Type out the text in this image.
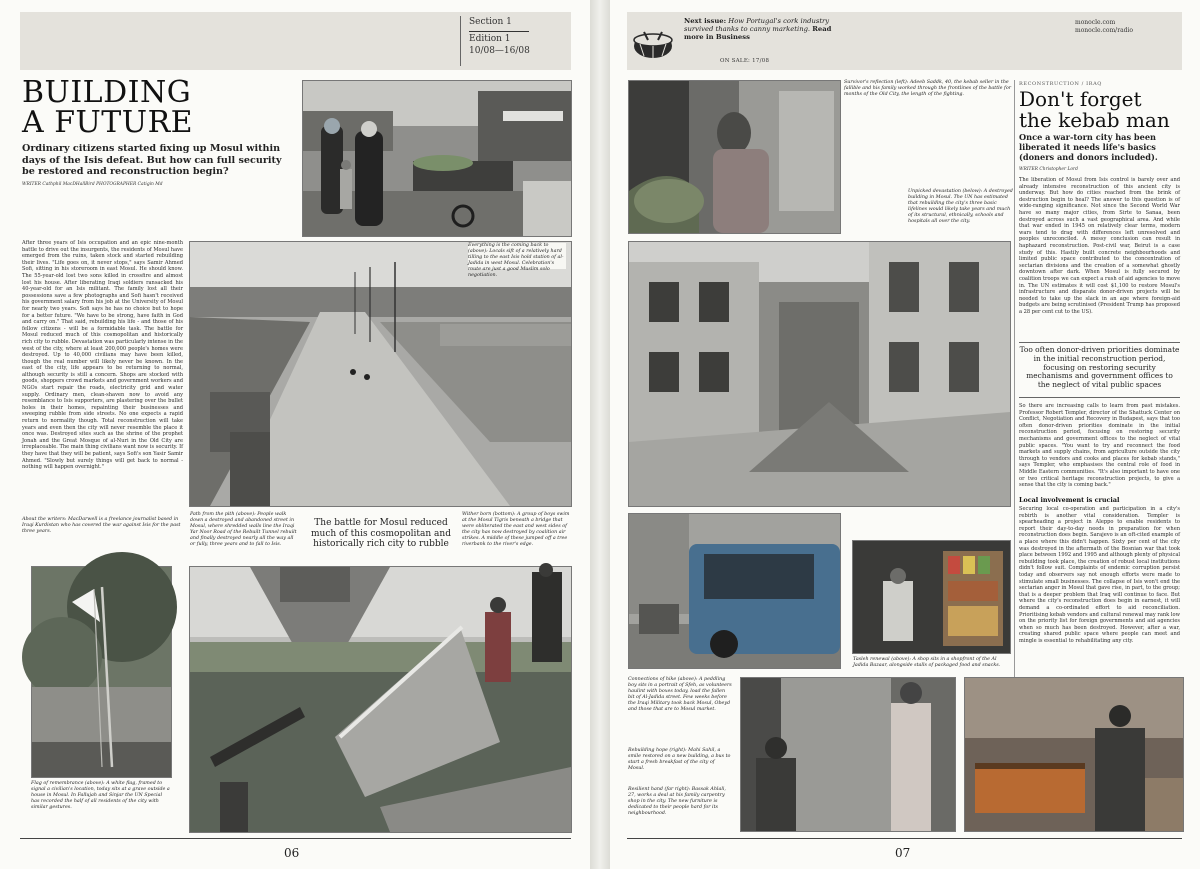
Section 1
Edition 1
10/08—16/08
BUILDING
A FUTURE
Ordinary citizens started fixing up Mosul within days of the Isis defeat. But how can full security be restored and reconstruction begin?
WRITER Cathphil MacDHallBird PHOTOGRAPHER Catigin Md
After three years of Isis occupation and an epic nine-month battle to drive out the insurgents, the residents of Mosul have emerged from the ruins, taken stock and started rebuilding their lives. "Life goes on, it never stops," says Samir Ahmed Sofi, sitting in his storeroom in east Mosul. He should know. The 55-year-old lost two sons killed in crossfire and almost lost his house. After liberating Iraqi soldiers ransacked his 40-year-old for an Isis militant. The family lost all their possessions save a few photographs and Sofi hasn't received his government salary from his job at the University of Mosul for nearly two years. Sofi says he has no choice but to hope for a better future. "We have to be strong, have faith in God and carry on." That said, rebuilding his life - and those of his fellow citizens - will be a formidable task. The battle for Mosul reduced much of this cosmopolitan and historically rich city to rubble. Devastation was particularly intense in the west of the city, where at least 200,000 people's homes were destroyed. Up to 40,000 civilians may have been killed, though the real number will likely never be known. In the east of the city, life appears to be returning to normal, although security is still a concern. Shops are stocked with goods, shoppers crowd markets and government workers and NGOs start repair the roads, electricity grid and water supply. Ordinary men, clean-shaven now to avoid any resemblance to Isis supporters, are plastering over the bullet holes in their homes, repainting their businesses and sweeping rubble from side streets. No one expects a rapid return to normality though. Total reconstruction will take years and even then the city will never resemble the place it once was. Destroyed sites such as the shrine of the prophet Jonah and the Great Mosque of al-Nuri in the Old City are irreplaceable. The main thing civilians want now is security. If they have that they will be patient, says Sofi's son Yasir Samir Ahmed. "Slowly but surely things will get back to normal - nothing will happen overnight."
About the writers: MacDarwell is a freelance journalist based in Iraqi Kurdistan who has covered the war against Isis for the past three years.
Everything is the coming back to (above): Locals sift of a relatively hard tilling to the east Isis hold station of al-Jadida in west Mosul. Celebration's route are just a good Muslim solo negotiation.
Path from the pith (above): People walk down a destroyed and abandoned street in Mosul, where shredded walls line the Iraqi Yar Noor Road of the Rebuilt Tunnel rebuilt and finally destroyed nearly all the way all or fully, three years and to fall to Isis.
The battle for Mosul reduced much of this cosmopolitan and historically rich city to rubble
Wither born (bottom): A group of boys swim at the Mosul Tigris beneath a bridge that were obliterated the east and west sides of the city has now destroyed by coalition air strikes. A middle of these jumped off a tree riverbank to the river's edge.
Flag of remembrance (above): A white flag, framed to signal a civilian's location, today sits at a grave outside a house in Mosul. In Fallujah and Sinjar the UN Special has recorded the half of all residents of the city with similar gestures.
06
Next issue: How Portugal's cork industry survived thanks to canny marketing. Read more in Business
ON SALE: 17/08
monocle.com
monocle.com/radio
Survivor's reflection (left): Adeeb Saddk, 40, the kebab seller in the fallible and his family worked through the frontlines of the battle for months of the Old City, the length of the fighting.
Unpicked devastation (below): A destroyed building in Mosul. The UN has estimated that rebuilding the city's three basic lifelines would likely take years and much of its structural, ethnically, schools and hospitals all over the city.
RECONSTRUCTION / IRAQ
Don't forget
the kebab man
Once a war-torn city has been liberated it needs life's basics (doners and donors included).
WRITER Christopher Lord
The liberation of Mosul from Isis control is barely over and already intensive reconstruction of this ancient city is underway. But how do cities reached from the brink of destruction begin to heal? The answer to this question is of wide-ranging significance. Not since the Second World War have so many major cities, from Sirte to Sanaa, been destroyed across such a vast geographical area. And while that war ended in 1945 on relatively clear terms, modern wars tend to drag with differences left unresolved and peoples unreconciled. A messy conclusion can result in haphazard reconstruction. Post-civil war, Beirut is a case study of this. Hastily built concrete neighbourhoods and limited public space contributed to the concentration of sectarian divisions and the creation of a somewhat ghostly downtown after dark. When Mosul is fully secured by coalition troops we can expect a rush of aid agencies to move in. The UN estimates it will cost $1,100 to restore Mosul's infrastructure and disparate donor-driven projects will be needed to take up the slack in an age where foreign-aid budgets are being scrutinised (President Trump has proposed a 28 per cent cut to the US).
Too often donor-driven priorities dominate in the initial reconstruction period, focusing on restoring security mechanisms and government offices to the neglect of vital public spaces
So there are increasing calls to learn from past mistakes. Professor Robert Templer, director of the Shattuck Center on Conflict, Negotiation and Recovery in Budapest, says that too often donor-driven priorities dominate in the initial reconstruction period, focusing on restoring security mechanisms and government offices to the neglect of vital public spaces. "You want to try and reconnect the food markets and supply chains, from agriculture outside the city through to vendors and cooks and places for kebab stands," says Templer, who emphasises the central role of food in Middle Eastern communities. "It's also important to have one or two critical heritage reconstruction projects, to give a sense that the city is coming back."
Local involvement is crucial
Securing local co-operation and participation in a city's rebirth is another vital consideration. Templer is spearheading a project in Aleppo to enable residents to report their day-to-day needs in preparation for when reconstruction does begin. Sarajevo is an oft-cited example of a place where this didn't happen. Sixty per cent of the city was destroyed in the aftermath of the Bosnian war that took place between 1992 and 1995 and although plenty of physical rebuilding took place, the creation of robust local institutions didn't follow suit. Complaints of endemic corruption persist today and observers say not enough efforts were made to stimulate small businesses. The collapse of Isis won't end the sectarian anger in Mosul that gave rise, in part, to the group; that is a deeper problem that Iraq will continue to face. But where the city's reconstruction does begin in earnest, it will demand a co-ordinated effort to aid reconciliation. Prioritising kebab vendors and cultural renewal may rank low on the priority list for foreign governments and aid agencies when so much has been destroyed. However, after a war, creating shared public space where people can meet and mingle is essential to rehabilitating any city.
Tasleh renewal (above): A shop sits in a shopfront of the Al Jadida Bazaar, alongside stalls of packaged food and snacks.
Connections of hike (above): A peddling boy sits in a portrait of Sfeh, as volunteers haulint with boxes today, load the fallen bit of Al-Jadida street. Few weeks before the Iraqi Military took back Mosul, Obeyd and those that are to Mosul market.
Rebuilding hope (right): Mahi Sahil, a smile restored on a new building, a bus to start a fresh breakfast of the city of Mosul.
Resilient hand (far right): Bassak Ahlali, 27, works a deal at his family carpentry shop in the city. The new furniture is dedicated to their people hard for its neighbourhood.
07
